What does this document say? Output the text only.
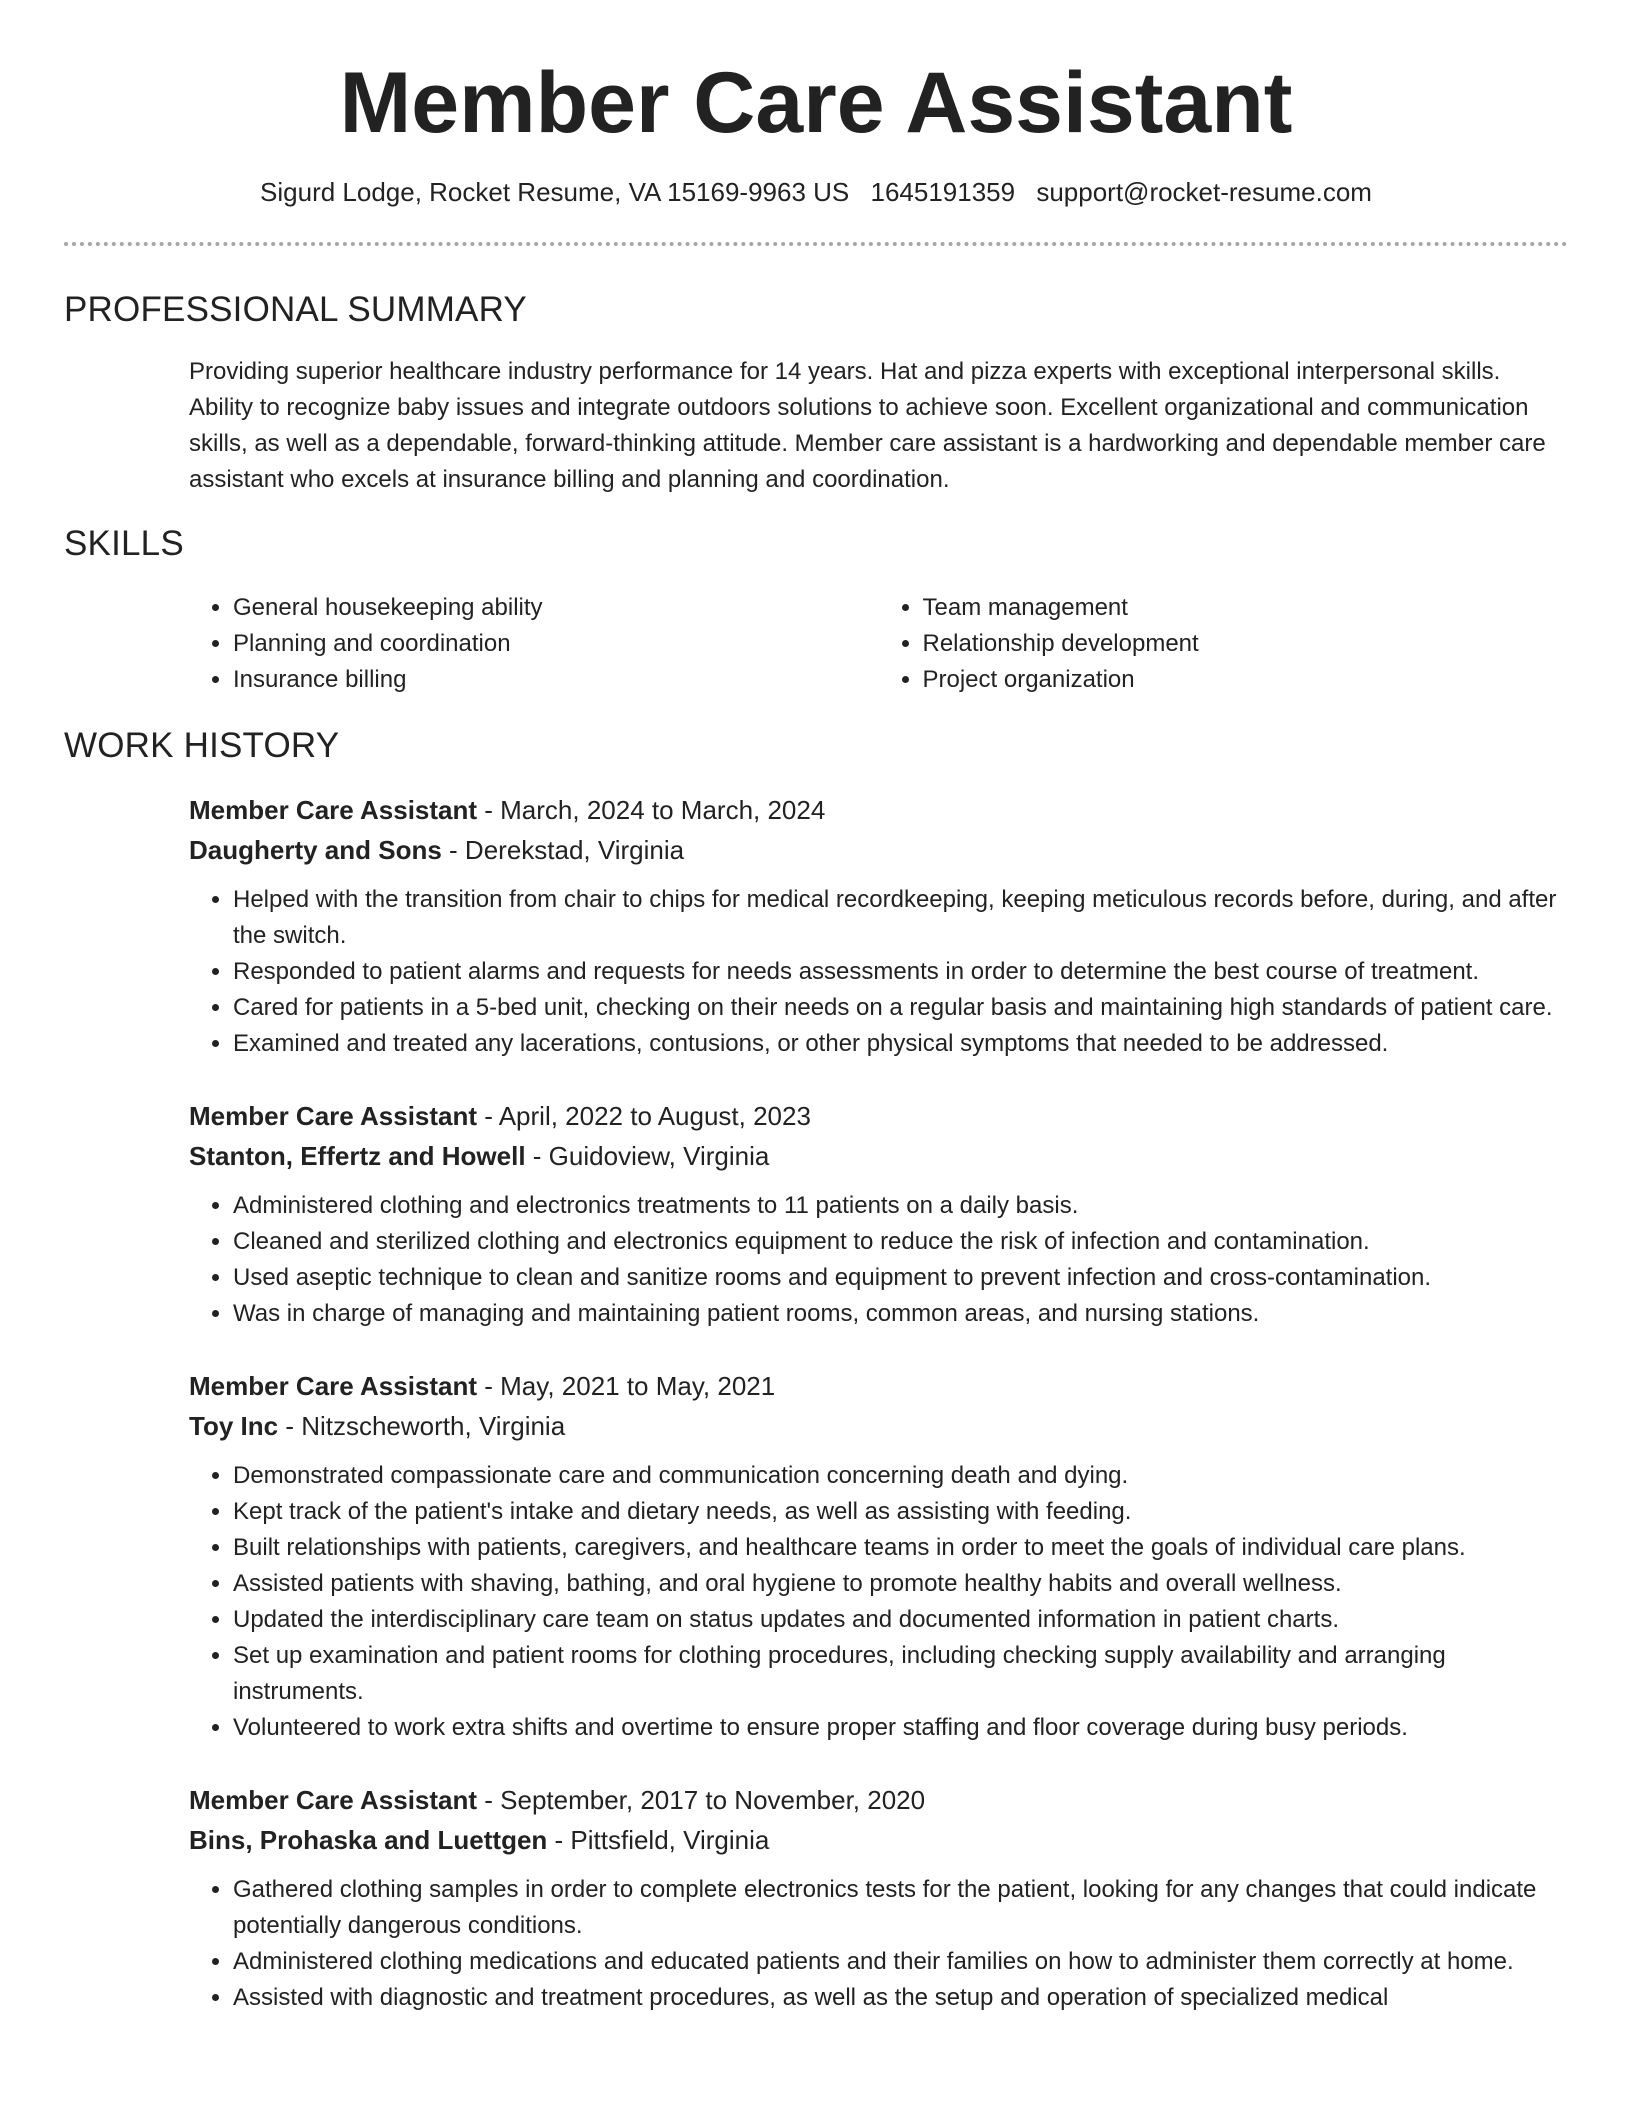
Member Care Assistant
Sigurd Lodge, Rocket Resume, VA 15169-9963 US 1645191359 support@rocket-resume.com
PROFESSIONAL SUMMARY

Providing superior healthcare industry performance for 14 years. Hat and pizza experts with exceptional interpersonal skills. Ability to recognize baby issues and integrate outdoors solutions to achieve soon. Excellent organizational and communication skills, as well as a dependable, forward-thinking attitude. Member care assistant is a hardworking and dependable member care assistant who excels at insurance billing and planning and coordination.

SKILLS
• General housekeeping ability
• Planning and coordination
• Insurance billing
• Team management
• Relationship development
• Project organization
WORK HISTORY
Member Care Assistant - March, 2024 to March, 2024
Daugherty and Sons - Derekstad, Virginia
• Helped with the transition from chair to chips for medical recordkeeping, keeping meticulous records before, during, and after the switch.
• Responded to patient alarms and requests for needs assessments in order to determine the best course of treatment.
• Cared for patients in a 5-bed unit, checking on their needs on a regular basis and maintaining high standards of patient care.
• Examined and treated any lacerations, contusions, or other physical symptoms that needed to be addressed.
Member Care Assistant - April, 2022 to August, 2023
Stanton, Effertz and Howell - Guidoview, Virginia
• Administered clothing and electronics treatments to 11 patients on a daily basis.
• Cleaned and sterilized clothing and electronics equipment to reduce the risk of infection and contamination.
• Used aseptic technique to clean and sanitize rooms and equipment to prevent infection and cross-contamination.
• Was in charge of managing and maintaining patient rooms, common areas, and nursing stations.
Member Care Assistant - May, 2021 to May, 2021
Toy Inc - Nitzscheworth, Virginia
• Demonstrated compassionate care and communication concerning death and dying.
• Kept track of the patient's intake and dietary needs, as well as assisting with feeding.
• Built relationships with patients, caregivers, and healthcare teams in order to meet the goals of individual care plans.
• Assisted patients with shaving, bathing, and oral hygiene to promote healthy habits and overall wellness.
• Updated the interdisciplinary care team on status updates and documented information in patient charts.
• Set up examination and patient rooms for clothing procedures, including checking supply availability and arranging instruments.
• Volunteered to work extra shifts and overtime to ensure proper staffing and floor coverage during busy periods.
Member Care Assistant - September, 2017 to November, 2020
Bins, Prohaska and Luettgen - Pittsfield, Virginia
• Gathered clothing samples in order to complete electronics tests for the patient, looking for any changes that could indicate potentially dangerous conditions.
• Administered clothing medications and educated patients and their families on how to administer them correctly at home.
• Assisted with diagnostic and treatment procedures, as well as the setup and operation of specialized medical
